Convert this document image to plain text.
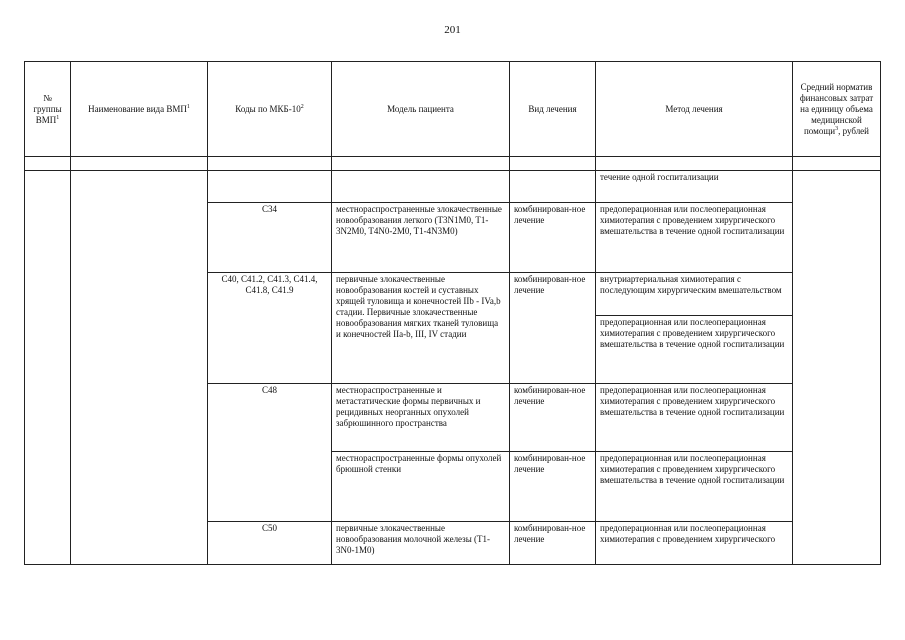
201
№
группы
ВМП$^1$	Наименование вида ВМП$^1$	Коды по МКБ-$10^2$	Модель пациента	Вид лечения	Метод лечения	Средний норматив финансовых затрат на единицу объема медицинской помощи$^3$, рублей

					течение одной госпитализации	
		C34	местнораспространенные злокачественные новообразования легкого (T3N1M0, T1-3N2M0, T4N0-2M0, T1-4N3M0)	комбинирован-ное лечение	предоперационная или послеоперационная химиотерапия с проведением хирургического вмешательства в течение одной госпитализации	
		C40, C41.2, C41.3, C41.4, C41.8, C41.9	первичные злокачественные новообразования костей и суставных хрящей туловища и конечностей IIb - IVa,b стадии. Первичные злокачественные новообразования мягких тканей туловища и конечностей IIa-b, III, IV стадии	комбинирован-ное лечение	внутриартериальная химиотерапия с последующим хирургическим вмешательством	
					предоперационная или послеоперационная химиотерапия с проведением хирургического вмешательства в течение одной госпитализации	
		C48	местнораспространенные и метастатические формы первичных и рецидивных неорганных опухолей забрюшинного пространства	комбинирован-ное лечение	предоперационная или послеоперационная химиотерапия с проведением хирургического вмешательства в течение одной госпитализации	
			местнораспространенные формы опухолей брюшной стенки	комбинирован-ное лечение	предоперационная или послеоперационная химиотерапия с проведением хирургического вмешательства в течение одной госпитализации	
		C50	первичные злокачественные новообразования молочной железы (T1-3N0-1M0)	комбинирован-ное лечение	предоперационная или послеоперационная химиотерапия с проведением хирургического	
